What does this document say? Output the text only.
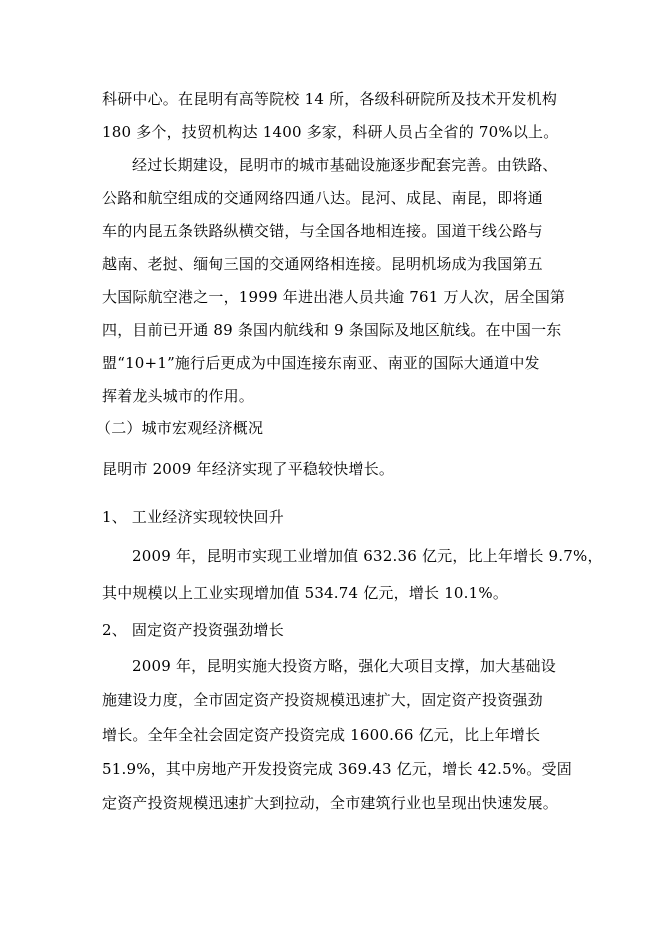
科研中心。在昆明有高等院校 14 所，各级科研院所及技术开发机构
180 多个，技贸机构达 1400 多家，科研人员占全省的 70%以上。
经过长期建设，昆明市的城市基础设施逐步配套完善。由铁路、
公路和航空组成的交通网络四通八达。昆河、成昆、南昆，即将通
车的内昆五条铁路纵横交错，与全国各地相连接。国道干线公路与
越南、老挝、缅甸三国的交通网络相连接。昆明机场成为我国第五
大国际航空港之一，1999 年进出港人员共逾 761 万人次，居全国第
四，目前已开通 89 条国内航线和 9 条国际及地区航线。在中国一东
盟“10+1”施行后更成为中国连接东南亚、南亚的国际大通道中发
挥着龙头城市的作用。
（二）城市宏观经济概况
昆明市 2009 年经济实现了平稳较快增长。
1、 工业经济实现较快回升
2009 年，昆明市实现工业增加值 632.36 亿元，比上年增长 9.7%，
其中规模以上工业实现增加值 534.74 亿元，增长 10.1%。
2、 固定资产投资强劲增长
2009 年，昆明实施大投资方略，强化大项目支撑，加大基础设
施建设力度，全市固定资产投资规模迅速扩大，固定资产投资强劲
增长。全年全社会固定资产投资完成 1600.66 亿元，比上年增长
51.9%，其中房地产开发投资完成 369.43 亿元，增长 42.5%。受固
定资产投资规模迅速扩大到拉动，全市建筑行业也呈现出快速发展。
